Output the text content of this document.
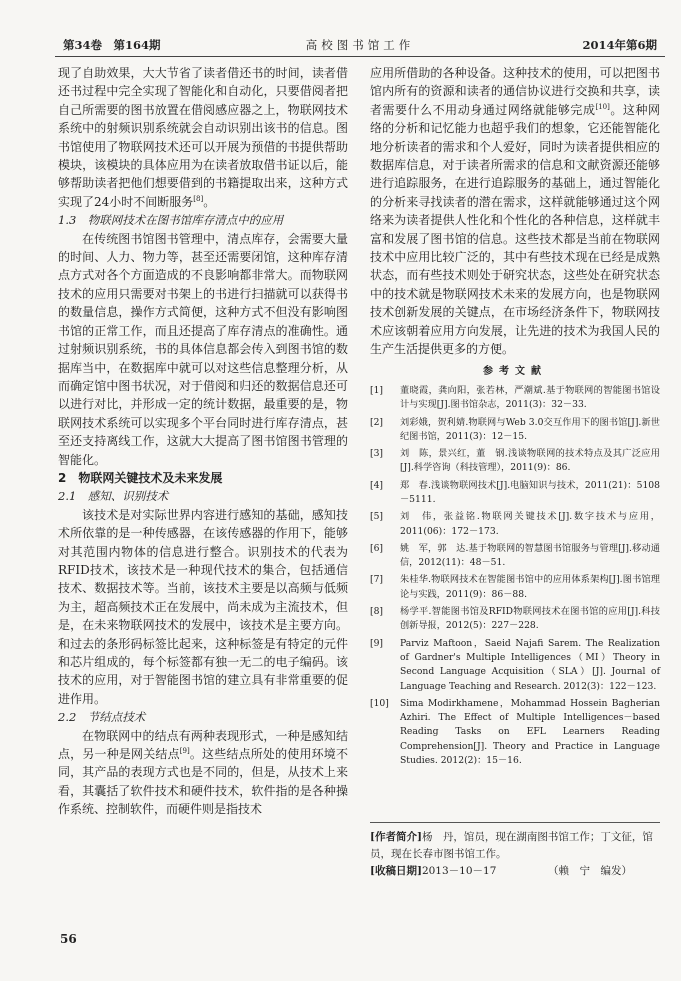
第34卷　第164期	高校图书馆工作	2014年第6期

现了自助效果，大大节省了读者借还书的时间，读者借还书过程中完全实现了智能化和自动化，只要借阅者把自己所需要的图书放置在借阅感应器之上，物联网技术系统中的射频识别系统就会自动识别出该书的信息。图书馆使用了物联网技术还可以开展为预借的书提供帮助模块，该模块的具体应用为在读者放取借书证以后，能够帮助读者把他们想要借到的书籍提取出来，这种方式实现了24小时不间断服务[8]。

1.3　物联网技术在图书馆库存清点中的应用

在传统图书馆图书管理中，清点库存，会需要大量的时间、人力、物力等，甚至还需要闭馆，这种库存清点方式对各个方面造成的不良影响都非常大。而物联网技术的应用只需要对书架上的书进行扫描就可以获得书的数量信息，操作方式简便，这种方式不但没有影响图书馆的正常工作，而且还提高了库存清点的准确性。通过射频识别系统，书的具体信息都会传入到图书馆的数据库当中，在数据库中就可以对这些信息整理分析，从而确定馆中图书状况，对于借阅和归还的数据信息还可以进行对比，并形成一定的统计数据，最重要的是，物联网技术系统可以实现多个平台同时进行库存清点，甚至还支持离线工作，这就大大提高了图书馆图书管理的智能化。

2　物联网关键技术及未来发展

2.1　感知、识别技术

该技术是对实际世界内容进行感知的基础，感知技术所依靠的是一种传感器，在该传感器的作用下，能够对其范围内物体的信息进行整合。识别技术的代表为RFID技术，该技术是一种现代技术的集合，包括通信技术、数据技术等。当前，该技术主要是以高频与低频为主，超高频技术正在发展中，尚未成为主流技术，但是，在未来物联网技术的发展中，该技术是主要方向。和过去的条形码标签比起来，这种标签是有特定的元件和芯片组成的，每个标签都有独一无二的电子编码。该技术的应用，对于智能图书馆的建立具有非常重要的促进作用。

2.2　节结点技术

在物联网中的结点有两种表现形式，一种是感知结点，另一种是网关结点[9]。这些结点所处的使用环境不同，其产品的表现方式也是不同的，但是，从技术上来看，其囊括了软件技术和硬件技术，软件指的是各种操作系统、控制软件，而硬件则是指技术

应用所借助的各种设备。这种技术的使用，可以把图书馆内所有的资源和读者的通信协议进行交换和共享，读者需要什么不用动身通过网络就能够完成[10]。这种网络的分析和记忆能力也超乎我们的想象，它还能智能化地分析读者的需求和个人爱好，同时为读者提供相应的数据库信息，对于读者所需求的信息和文献资源还能够进行追踪服务，在进行追踪服务的基础上，通过智能化的分析来寻找读者的潜在需求，这样就能够通过这个网络来为读者提供人性化和个性化的各种信息，这样就丰富和发展了图书馆的信息。这些技术都是当前在物联网技术中应用比较广泛的，其中有些技术现在已经是成熟状态，而有些技术则处于研究状态，这些处在研究状态中的技术就是物联网技术未来的发展方向，也是物联网技术创新发展的关键点，在市场经济条件下，物联网技术应该朝着应用方向发展，让先进的技术为我国人民的生产生活提供更多的方便。

参考文献
[1]	董晓霞，龚向阳，张若林，严潮斌.基于物联网的智能图书馆设计与实现[J].图书馆杂志，2011(3)：32－33.
[2]	刘彩娥，贺利婧.物联网与Web 3.0交互作用下的图书馆[J].新世纪图书馆，2011(3)：12－15.
[3]	刘　陈，景兴红，董　钢.浅谈物联网的技术特点及其广泛应用[J].科学咨询（科技管理），2011(9)：86.
[4]	郑　春.浅谈物联网技术[J].电脑知识与技术，2011(21)：5108－5111.
[5]	刘　伟，张益铭.物联网关键技术[J].数字技术与应用，2011(06)：172－173.
[6]	姚　军，郭　达.基于物联网的智慧图书馆服务与管理[J].移动通信，2012(11)：48－51.
[7]	朱桂华.物联网技术在智能图书馆中的应用体系架构[J].图书馆理论与实践，2011(9)：86－88.
[8]	杨学平.智能图书馆及RFID物联网技术在图书馆的应用[J].科技创新导报，2012(5)：227－228.
[9]	Parviz Maftoon，Saeid Najafi Sarem. The Realization of Gardner's Multiple Intelligences（MI）Theory in Second Language Acquisition（SLA）[J]. Journal of Language Teaching and Research. 2012(3)：122－123.
[10]	Sima Modirkhamene，Mohammad Hossein Bagherian Azhiri. The Effect of Multiple Intelligences－based Reading Tasks on EFL Learners Reading Comprehension[J]. Theory and Practice in Language Studies. 2012(2)：15－16.
[作者简介]杨　丹，馆员，现在湖南图书馆工作；丁文征，馆员，现在长春市图书馆工作。
[收稿日期]2013－10－17	（赖　宁　编发）
56
